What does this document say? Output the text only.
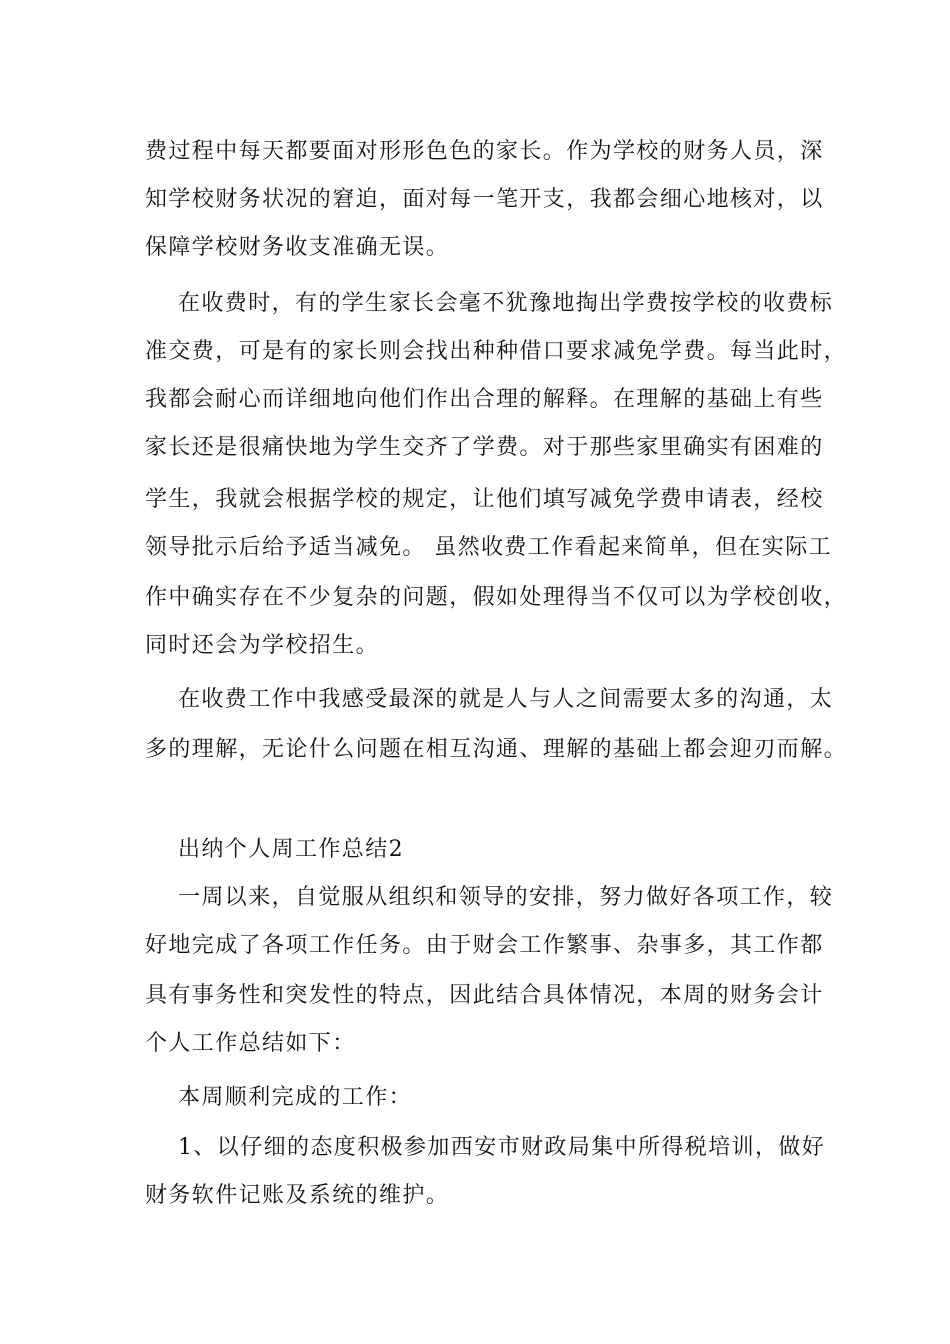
费过程中每天都要面对形形色色的家长。作为学校的财务人员，深
知学校财务状况的窘迫，面对每一笔开支，我都会细心地核对，以
保障学校财务收支准确无误。
在收费时，有的学生家长会毫不犹豫地掏出学费按学校的收费标
准交费，可是有的家长则会找出种种借口要求减免学费。每当此时，
我都会耐心而详细地向他们作出合理的解释。在理解的基础上有些
家长还是很痛快地为学生交齐了学费。对于那些家里确实有困难的
学生，我就会根据学校的规定，让他们填写减免学费申请表，经校
领导批示后给予适当减免。 虽然收费工作看起来简单，但在实际工
作中确实存在不少复杂的问题，假如处理得当不仅可以为学校创收，
同时还会为学校招生。
在收费工作中我感受最深的就是人与人之间需要太多的沟通，太
多的理解，无论什么问题在相互沟通、理解的基础上都会迎刃而解。
出纳个人周工作总结2
一周以来，自觉服从组织和领导的安排，努力做好各项工作，较
好地完成了各项工作任务。由于财会工作繁事、杂事多，其工作都
具有事务性和突发性的特点，因此结合具体情况，本周的财务会计
个人工作总结如下：
本周顺利完成的工作：
1、以仔细的态度积极参加西安市财政局集中所得税培训，做好
财务软件记账及系统的维护。
